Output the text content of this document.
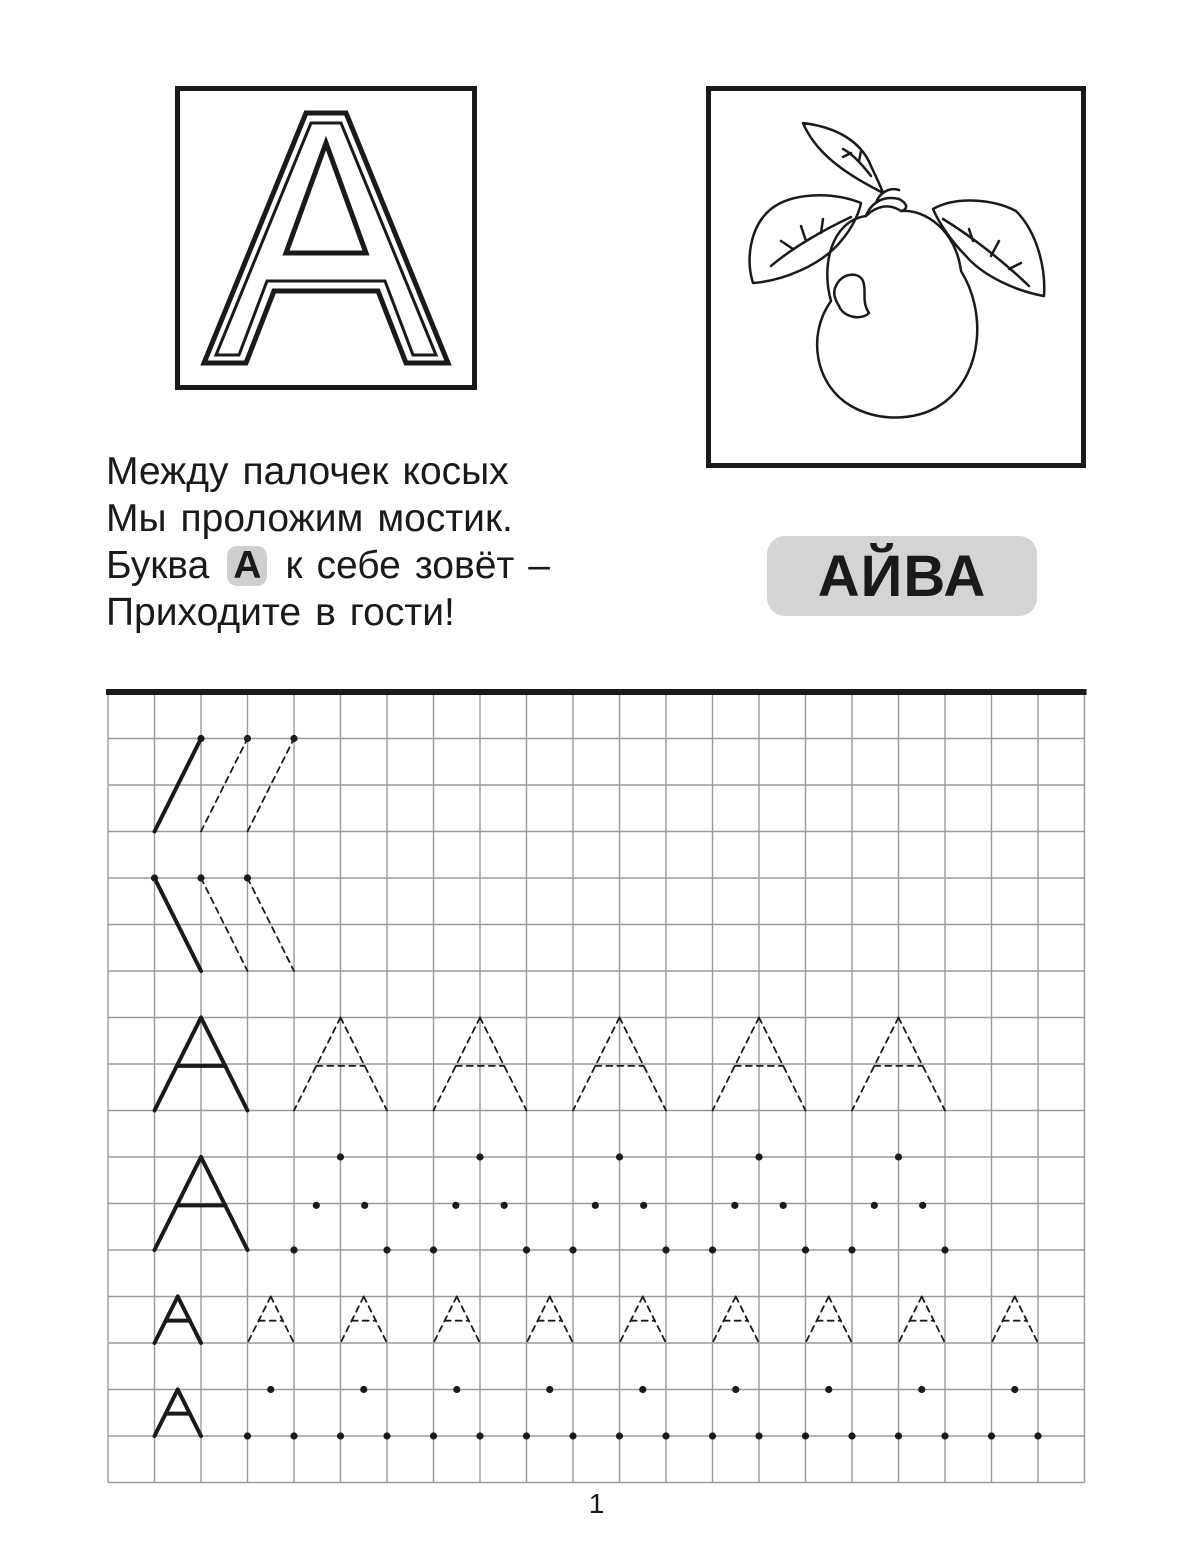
Между палочек косых
Мы проложим мостик.
Буква А к себе зовёт –
Приходите в гости!
АЙВА
1
